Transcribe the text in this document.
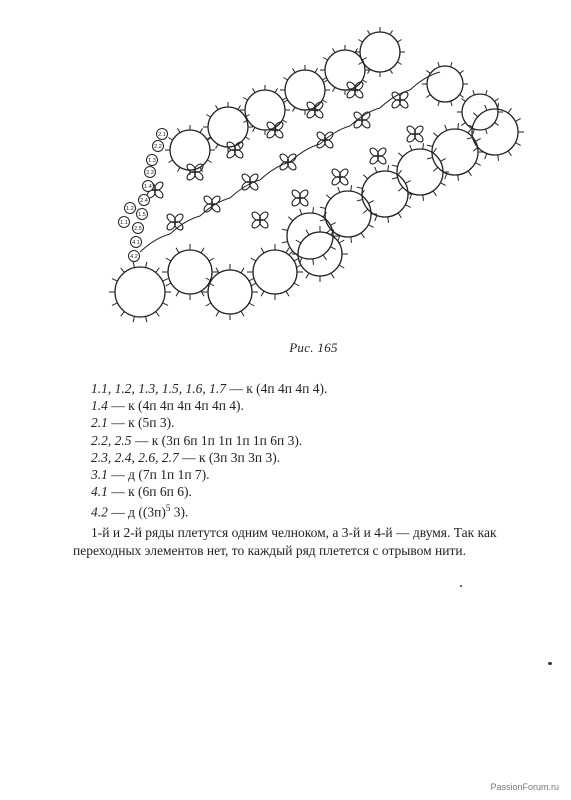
2.1
2.2
1.3
2.3
1.4
2.4
1.5
2.5
4.1
4.2
1.2
1.1
Рис. 165
1.1, 1.2, 1.3, 1.5, 1.6, 1.7 — к (4п 4п 4п 4).
1.4 — к (4п 4п 4п 4п 4п 4).
2.1 — к (5п 3).
2.2, 2.5 — к (3п 6п 1п 1п 1п 1п 6п 3).
2.3, 2.4, 2.6, 2.7 — к (3п 3п 3п 3).
3.1 — д (7п 1п 1п 7).
4.1 — к (6п 6п 6).
4.2 — д ($(3п)^5$ 3).

1-й и 2-й ряды плетутся одним челноком, а 3-й и 4-й — двумя. Так как переходных элементов нет, то каждый ряд плетется с отрывом нити.

PassionForum.ru
